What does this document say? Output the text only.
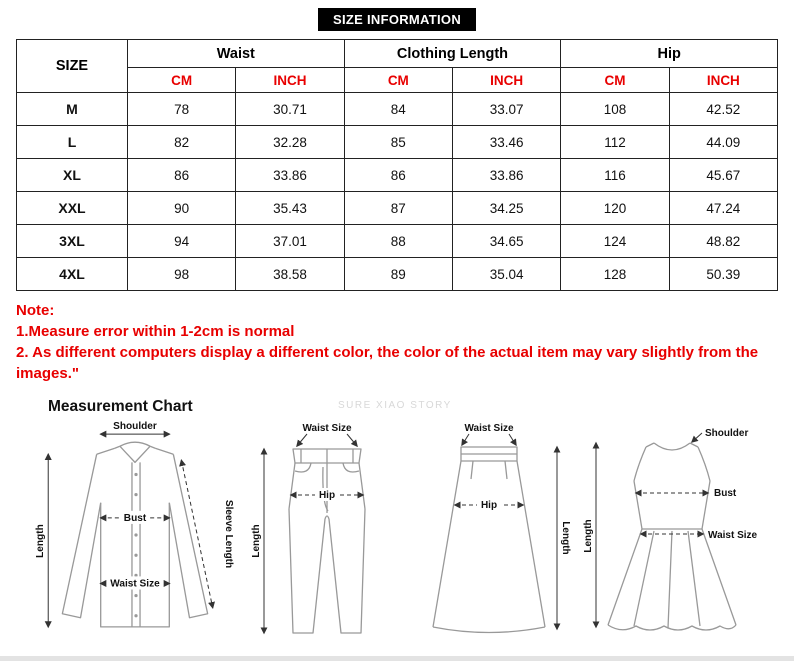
SIZE INFORMATION
SIZE	Waist		Clothing Length		Hip	
	CM	INCH	CM	INCH	CM	INCH
M	78	30.71	84	33.07	108	42.52
L	82	32.28	85	33.46	112	44.09
XL	86	33.86	86	33.86	116	45.67
XXL	90	35.43	87	34.25	120	47.24
3XL	94	37.01	88	34.65	124	48.82
4XL	98	38.58	89	35.04	128	50.39
Note:
1.Measure error within 1-2cm is normal
2. As different computers display a different color, the color of the actual item may vary slightly from the images."
SURE XIAO STORY
Measurement Chart
Shoulder
Bust
Waist Size
Length	Sleeve Length
Waist Size
Hip
Length
Waist Size
Hip
Length
Shoulder
Bust
Waist Size
Length
